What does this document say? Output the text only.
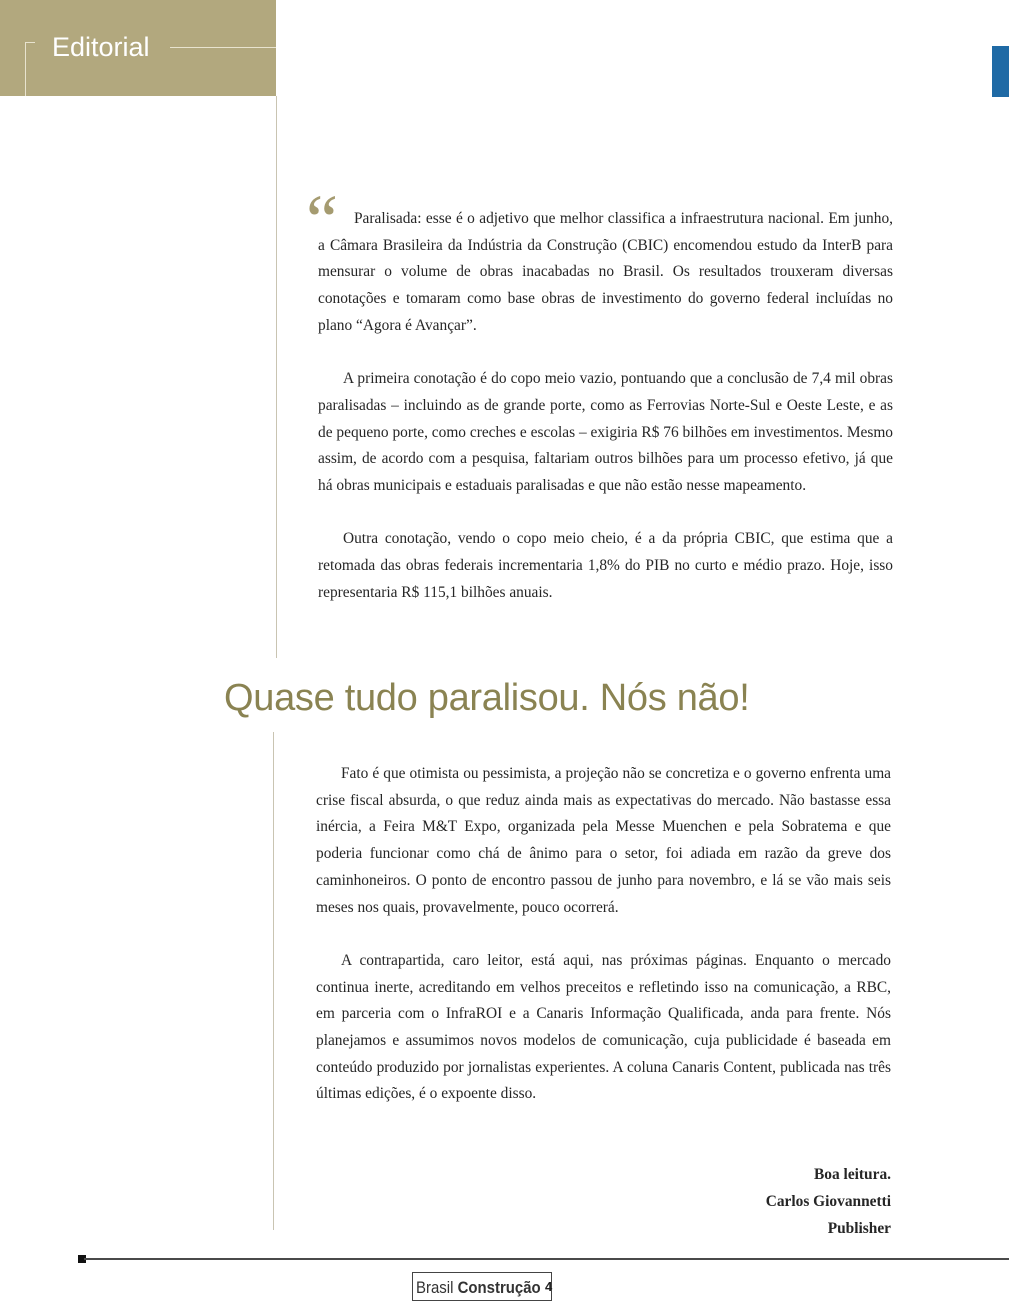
Editorial
“	Paralisada: esse é o adjetivo que melhor classifica a infraestrutura nacional. Em junho, a Câmara Brasileira da Indústria da Construção (CBIC) encomendou estudo da InterB para mensurar o volume de obras inacabadas no Brasil. Os resultados trouxeram diversas conotações e tomaram como base obras de investimento do governo federal incluídas no plano “Agora é Avançar”.

A primeira conotação é do copo meio vazio, pontuando que a conclusão de 7,4 mil obras paralisadas – incluindo as de grande porte, como as Ferrovias Norte-Sul e Oeste Leste, e as de pequeno porte, como creches e escolas – exigiria R$ 76 bilhões em investimentos. Mesmo assim, de acordo com a pesquisa, faltariam outros bilhões para um processo efetivo, já que há obras municipais e estaduais paralisadas e que não estão nesse mapeamento.

Outra conotação, vendo o copo meio cheio, é a da própria CBIC, que estima que a retomada das obras federais incrementaria 1,8% do PIB no curto e médio prazo. Hoje, isso representaria R$ 115,1 bilhões anuais.

Quase tudo paralisou. Nós não!

Fato é que otimista ou pessimista, a projeção não se concretiza e o governo enfrenta uma crise fiscal absurda, o que reduz ainda mais as expectativas do mercado. Não bastasse essa inércia, a Feira M&T Expo, organizada pela Messe Muenchen e pela Sobratema e que poderia funcionar como chá de ânimo para o setor, foi adiada em razão da greve dos caminhoneiros. O ponto de encontro passou de junho para novembro, e lá se vão mais seis meses nos quais, provavelmente, pouco ocorrerá.

A contrapartida, caro leitor, está aqui, nas próximas páginas. Enquanto o mercado continua inerte, acreditando em velhos preceitos e refletindo isso na comunicação, a RBC, em parceria com o InfraROI e a Canaris Informação Qualificada, anda para frente. Nós planejamos e assumimos novos modelos de comunicação, cuja publicidade é baseada em conteúdo produzido por jornalistas experientes. A coluna Canaris Content, publicada nas três últimas edições, é o expoente disso.

Boa leitura.
Carlos Giovannetti
Publisher
Brasil Construção 4
